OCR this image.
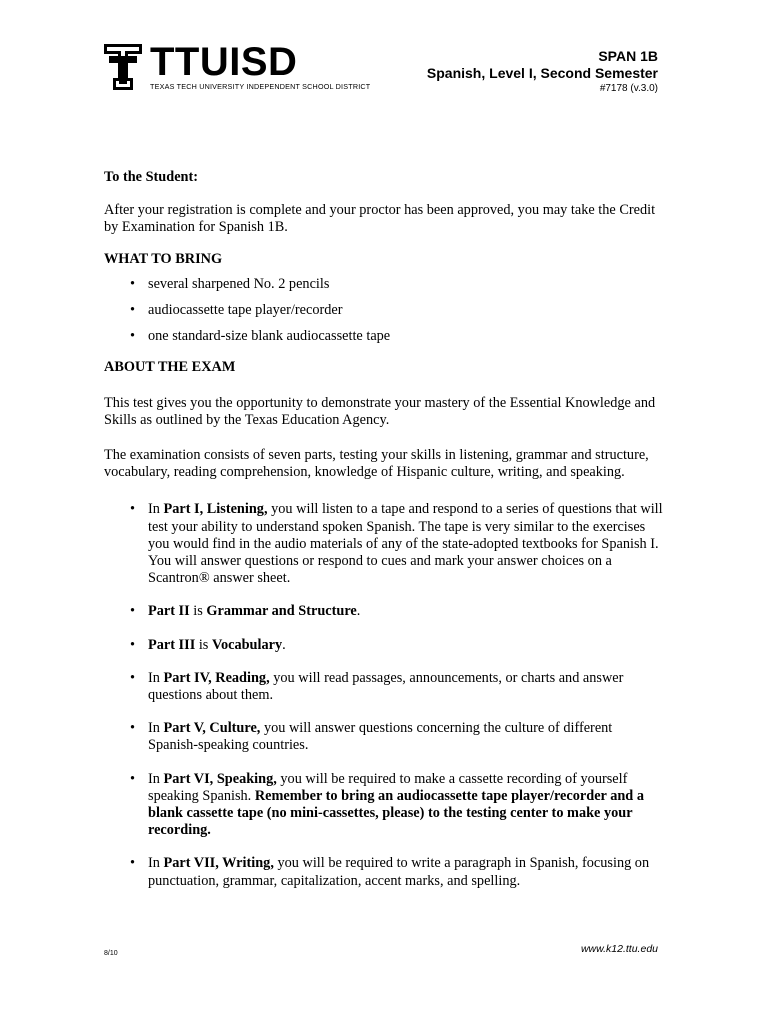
TTUISD
TEXAS TECH UNIVERSITY INDEPENDENT SCHOOL DISTRICT
SPAN 1B
Spanish, Level I, Second Semester
#7178 (v.3.0)

To the Student:

After your registration is complete and your proctor has been approved, you may take the Credit by Examination for Spanish 1B.

WHAT TO BRING

• several sharpened No. 2 pencils
• audiocassette tape player/recorder
• one standard-size blank audiocassette tape

ABOUT THE EXAM

This test gives you the opportunity to demonstrate your mastery of the Essential Knowledge and Skills as outlined by the Texas Education Agency.

The examination consists of seven parts, testing your skills in listening, grammar and structure, vocabulary, reading comprehension, knowledge of Hispanic culture, writing, and speaking.

• In Part I, Listening, you will listen to a tape and respond to a series of questions that will test your ability to understand spoken Spanish. The tape is very similar to the exercises you would find in the audio materials of any of the state-adopted textbooks for Spanish I. You will answer questions or respond to cues and mark your answer choices on a Scantron® answer sheet.
• Part II is Grammar and Structure.
• Part III is Vocabulary.
• In Part IV, Reading, you will read passages, announcements, or charts and answer questions about them.
• In Part V, Culture, you will answer questions concerning the culture of different Spanish-speaking countries.
• In Part VI, Speaking, you will be required to make a cassette recording of yourself speaking Spanish. Remember to bring an audiocassette tape player/recorder and a blank cassette tape (no mini-cassettes, please) to the testing center to make your recording.
• In Part VII, Writing, you will be required to write a paragraph in Spanish, focusing on punctuation, grammar, capitalization, accent marks, and spelling.
8/10	www.k12.ttu.edu
